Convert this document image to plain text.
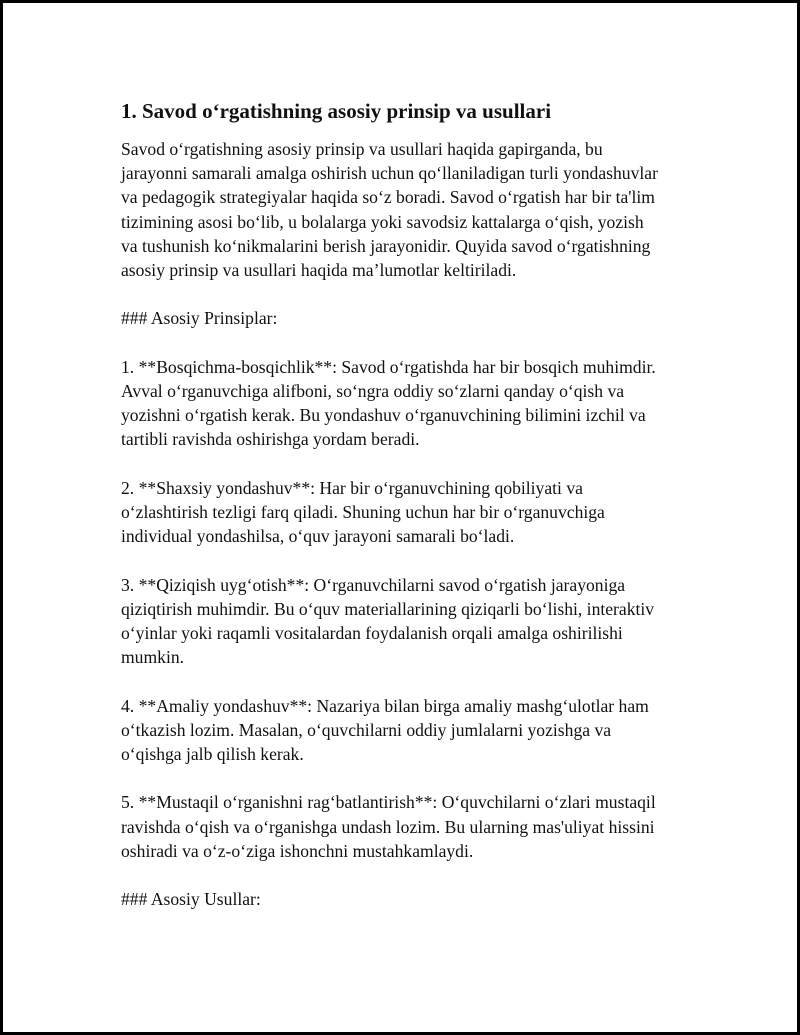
1. Savod o‘rgatishning asosiy prinsip va usullari

Savod o‘rgatishning asosiy prinsip va usullari haqida gapirganda, bu
jarayonni samarali amalga oshirish uchun qo‘llaniladigan turli yondashuvlar
va pedagogik strategiyalar haqida so‘z boradi. Savod o‘rgatish har bir ta'lim
tizimining asosi bo‘lib, u bolalarga yoki savodsiz kattalarga o‘qish, yozish
va tushunish ko‘nikmalarini berish jarayonidir. Quyida savod o‘rgatishning
asosiy prinsip va usullari haqida ma’lumotlar keltiriladi.

### Asosiy Prinsiplar:

1. **Bosqichma-bosqichlik**: Savod o‘rgatishda har bir bosqich muhimdir.
Avval o‘rganuvchiga alifboni, so‘ngra oddiy so‘zlarni qanday o‘qish va
yozishni o‘rgatish kerak. Bu yondashuv o‘rganuvchining bilimini izchil va
tartibli ravishda oshirishga yordam beradi.

2. **Shaxsiy yondashuv**: Har bir o‘rganuvchining qobiliyati va
o‘zlashtirish tezligi farq qiladi. Shuning uchun har bir o‘rganuvchiga
individual yondashilsa, o‘quv jarayoni samarali bo‘ladi.

3. **Qiziqish uyg‘otish**: O‘rganuvchilarni savod o‘rgatish jarayoniga
qiziqtirish muhimdir. Bu o‘quv materiallarining qiziqarli bo‘lishi, interaktiv
o‘yinlar yoki raqamli vositalardan foydalanish orqali amalga oshirilishi
mumkin.

4. **Amaliy yondashuv**: Nazariya bilan birga amaliy mashg‘ulotlar ham
o‘tkazish lozim. Masalan, o‘quvchilarni oddiy jumlalarni yozishga va
o‘qishga jalb qilish kerak.

5. **Mustaqil o‘rganishni rag‘batlantirish**: O‘quvchilarni o‘zlari mustaqil
ravishda o‘qish va o‘rganishga undash lozim. Bu ularning mas'uliyat hissini
oshiradi va o‘z-o‘ziga ishonchni mustahkamlaydi.

### Asosiy Usullar:
